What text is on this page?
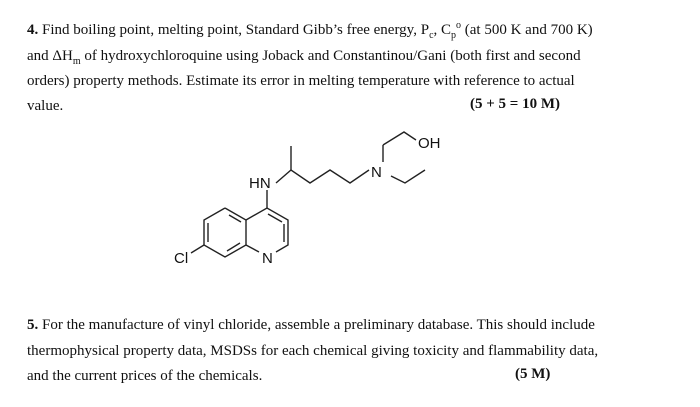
4. Find boiling point, melting point, Standard Gibb’s free energy, $P_c$, $C_p^o$ (at 500 K and 700 K)
and $\Delta H_m$ of hydroxychloroquine using Joback and Constantinou/Gani (both first and second
orders) property methods. Estimate its error in melting temperature with reference to actual
value.	(5 + 5 = 10 M)
OH
N
HN
Cl	N
5. For the manufacture of vinyl chloride, assemble a preliminary database. This should include
thermophysical property data, MSDSs for each chemical giving toxicity and flammability data,
and the current prices of the chemicals.	(5 M)
